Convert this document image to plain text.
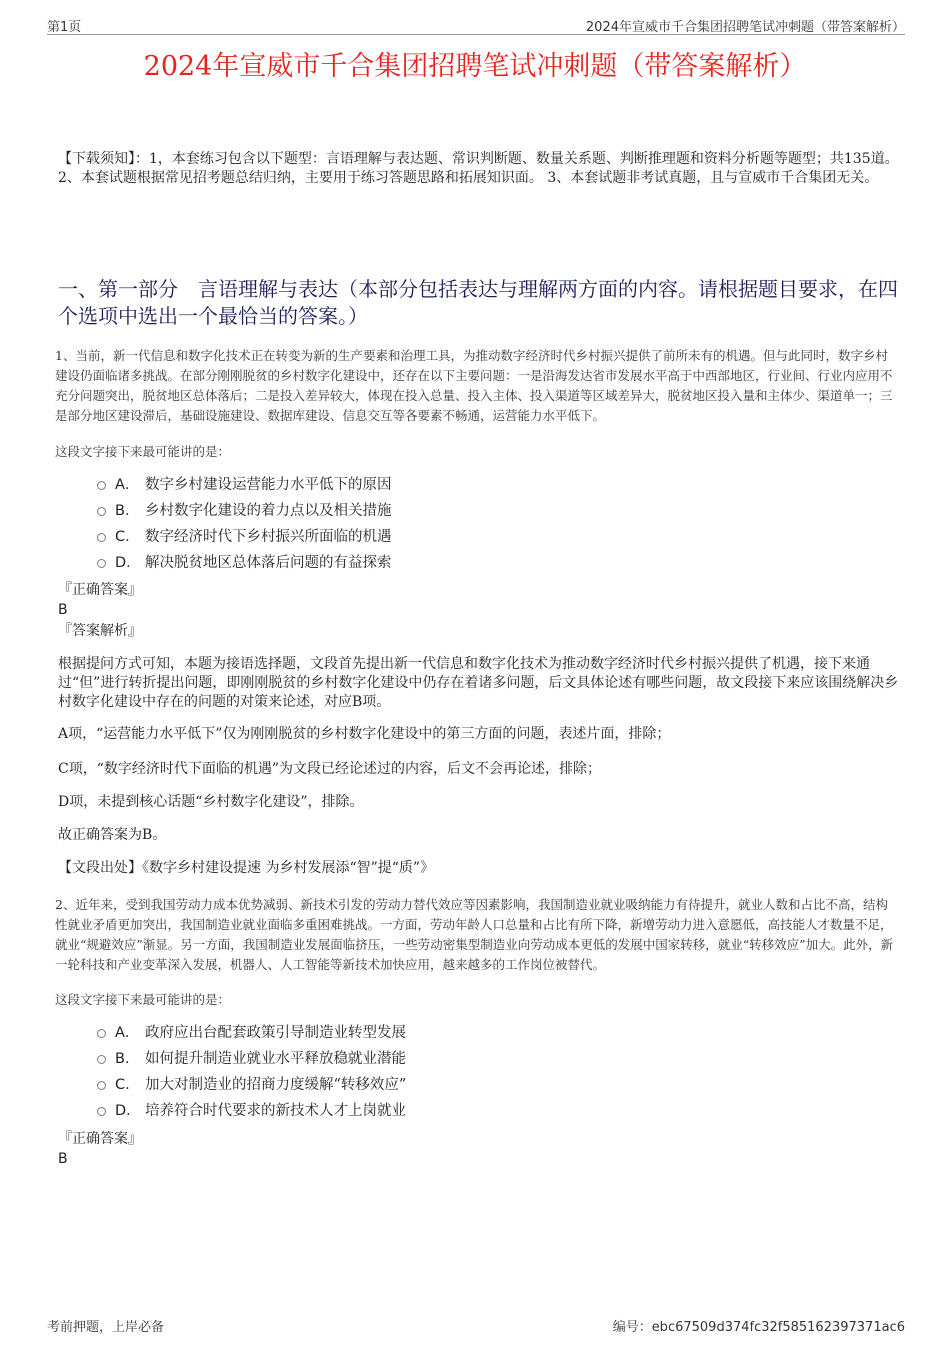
第1页	2024年宣威市千合集团招聘笔试冲刺题（带答案解析）
2024年宣威市千合集团招聘笔试冲刺题（带答案解析）
【下载须知】：1，本套练习包含以下题型：言语理解与表达题、常识判断题、数量关系题、判断推理题和资料分析题等题型；共135道。 2、本套试题根据常见招考题总结归纳，主要用于练习答题思路和拓展知识面。 3、本套试题非考试真题，且与宣威市千合集团无关。
一、第一部分　言语理解与表达（本部分包括表达与理解两方面的内容。请根据题目要求，在四个选项中选出一个最恰当的答案。）
1、当前，新一代信息和数字化技术正在转变为新的生产要素和治理工具，为推动数字经济时代乡村振兴提供了前所未有的机遇。但与此同时，数字乡村建设仍面临诸多挑战。在部分刚刚脱贫的乡村数字化建设中，还存在以下主要问题：一是沿海发达省市发展水平高于中西部地区，行业间、行业内应用不充分问题突出，脱贫地区总体落后；二是投入差异较大，体现在投入总量、投入主体、投入渠道等区域差异大，脱贫地区投入量和主体少、渠道单一；三是部分地区建设滞后，基础设施建设、数据库建设、信息交互等各要素不畅通，运营能力水平低下。
这段文字接下来最可能讲的是：
A． 数字乡村建设运营能力水平低下的原因
B． 乡村数字化建设的着力点以及相关措施
C． 数字经济时代下乡村振兴所面临的机遇
D． 解决脱贫地区总体落后问题的有益探索
『正确答案』
B
『答案解析』
根据提问方式可知，本题为接语选择题，文段首先提出新一代信息和数字化技术为推动数字经济时代乡村振兴提供了机遇，接下来通过“但”进行转折提出问题，即刚刚脱贫的乡村数字化建设中仍存在着诸多问题，后文具体论述有哪些问题，故文段接下来应该围绕解决乡村数字化建设中存在的问题的对策来论述，对应B项。
A项，“运营能力水平低下”仅为刚刚脱贫的乡村数字化建设中的第三方面的问题，表述片面，排除；
C项，“数字经济时代下面临的机遇”为文段已经论述过的内容，后文不会再论述，排除；
D项，未提到核心话题“乡村数字化建设”，排除。
故正确答案为B。
【文段出处】《数字乡村建设提速 为乡村发展添“智”提“质”》
2、近年来，受到我国劳动力成本优势减弱、新技术引发的劳动力替代效应等因素影响，我国制造业就业吸纳能力有待提升，就业人数和占比不高，结构性就业矛盾更加突出，我国制造业就业面临多重困难挑战。一方面，劳动年龄人口总量和占比有所下降，新增劳动力进入意愿低，高技能人才数量不足，就业“规避效应”渐显。另一方面，我国制造业发展面临挤压，一些劳动密集型制造业向劳动成本更低的发展中国家转移，就业“转移效应”加大。此外，新一轮科技和产业变革深入发展，机器人、人工智能等新技术加快应用，越来越多的工作岗位被替代。
这段文字接下来最可能讲的是：
A． 政府应出台配套政策引导制造业转型发展
B． 如何提升制造业就业水平释放稳就业潜能
C． 加大对制造业的招商力度缓解“转移效应”
D． 培养符合时代要求的新技术人才上岗就业
『正确答案』
B
考前押题，上岸必备	编号：ebc67509d374fc32f585162397371ac6
